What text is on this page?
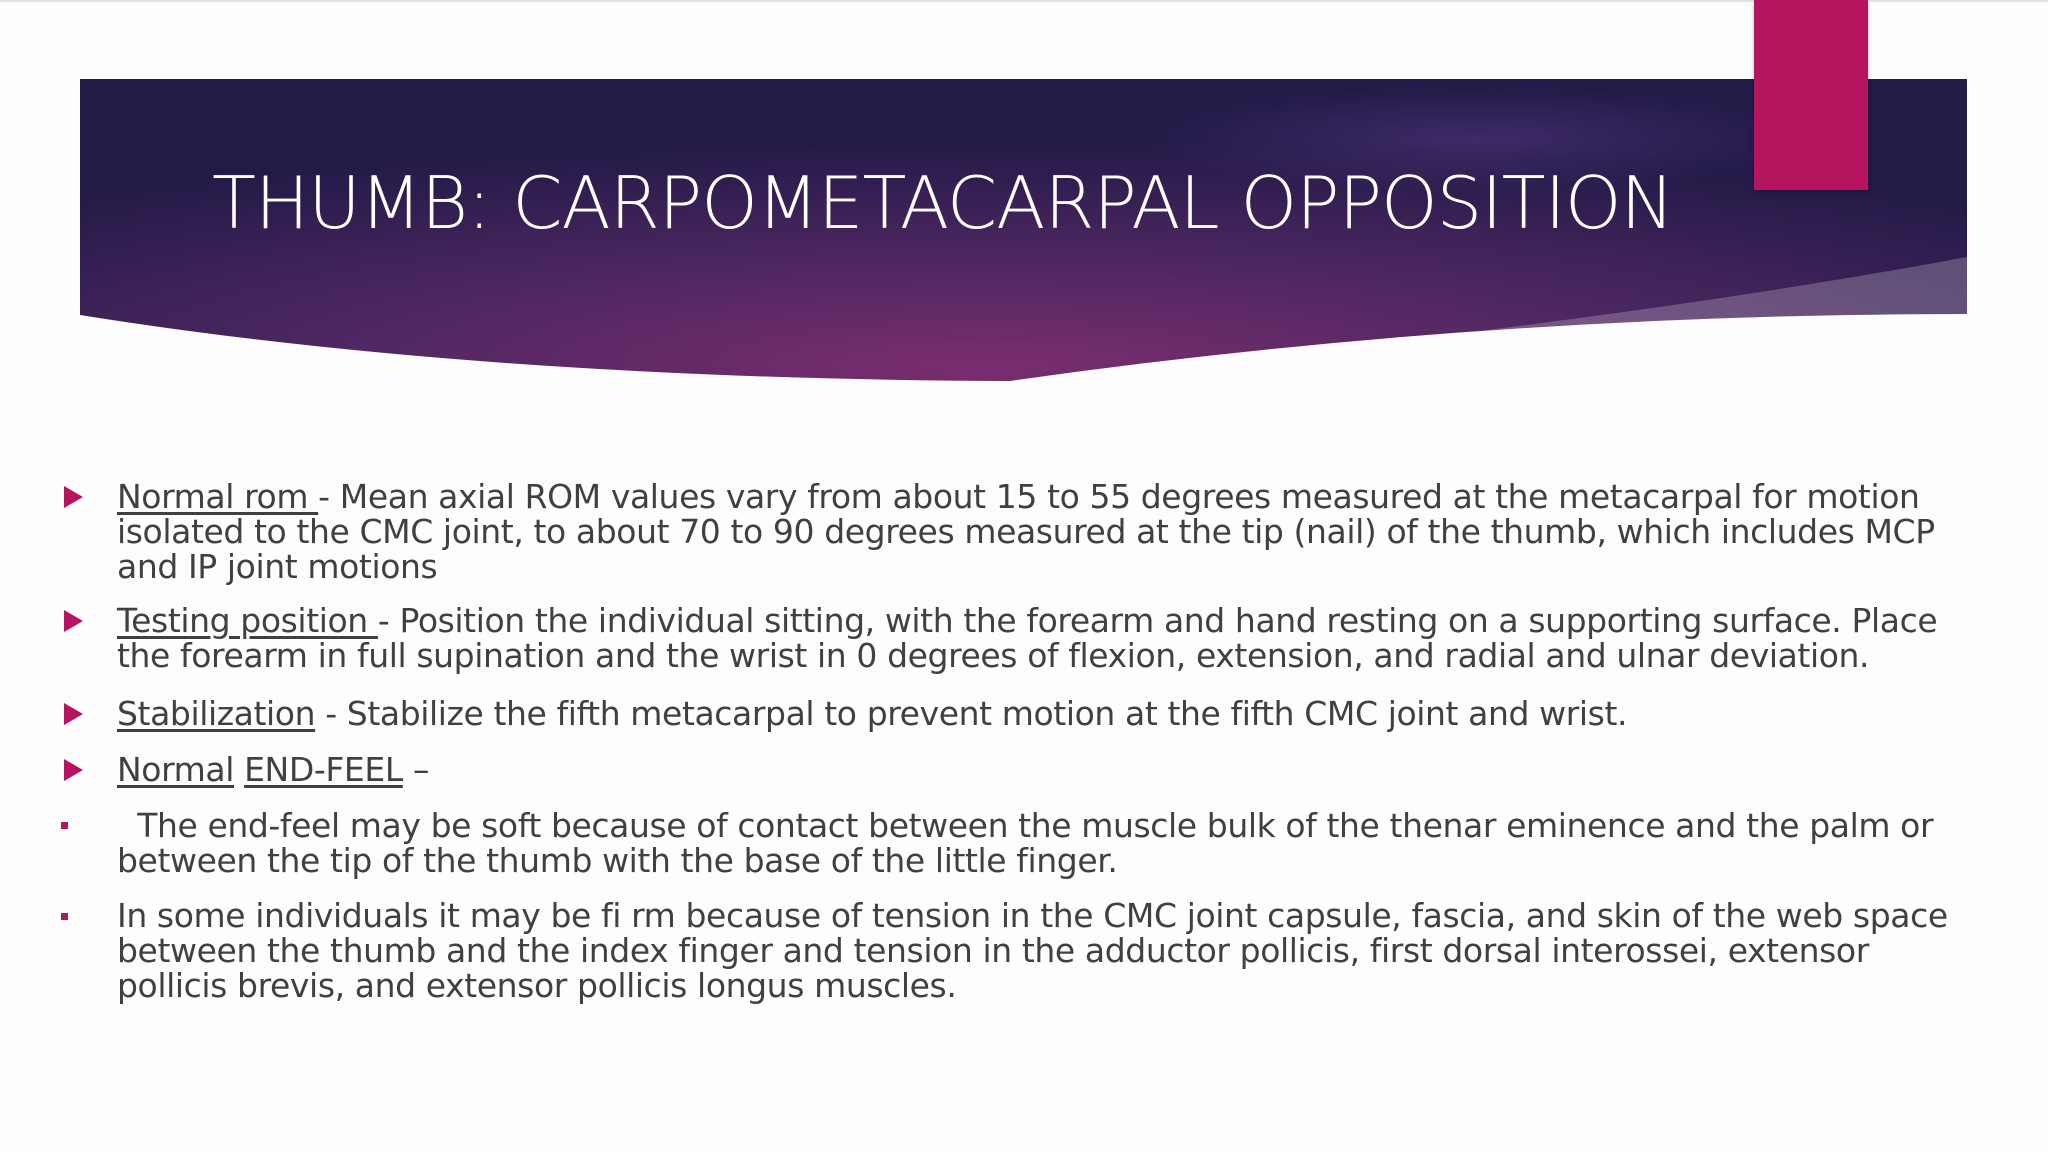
THUMB: CARPOMETACARPAL OPPOSITION
Normal rom - Mean axial ROM values vary from about 15 to 55 degrees measured at the metacarpal for motion isolated to the CMC joint, to about 70 to 90 degrees measured at the tip (nail) of the thumb, which includes MCP and IP joint motions
Testing position - Position the individual sitting, with the forearm and hand resting on a supporting surface. Place the forearm in full supination and the wrist in 0 degrees of flexion, extension, and radial and ulnar deviation.
Stabilization - Stabilize the fifth metacarpal to prevent motion at the fifth CMC joint and wrist.
Normal END-FEEL –
The end-feel may be soft because of contact between the muscle bulk of the thenar eminence and the palm or between the tip of the thumb with the base of the little finger.
In some individuals it may be fi rm because of tension in the CMC joint capsule, fascia, and skin of the web space between the thumb and the index finger and tension in the adductor pollicis, first dorsal interossei, extensor pollicis brevis, and extensor pollicis longus muscles.
